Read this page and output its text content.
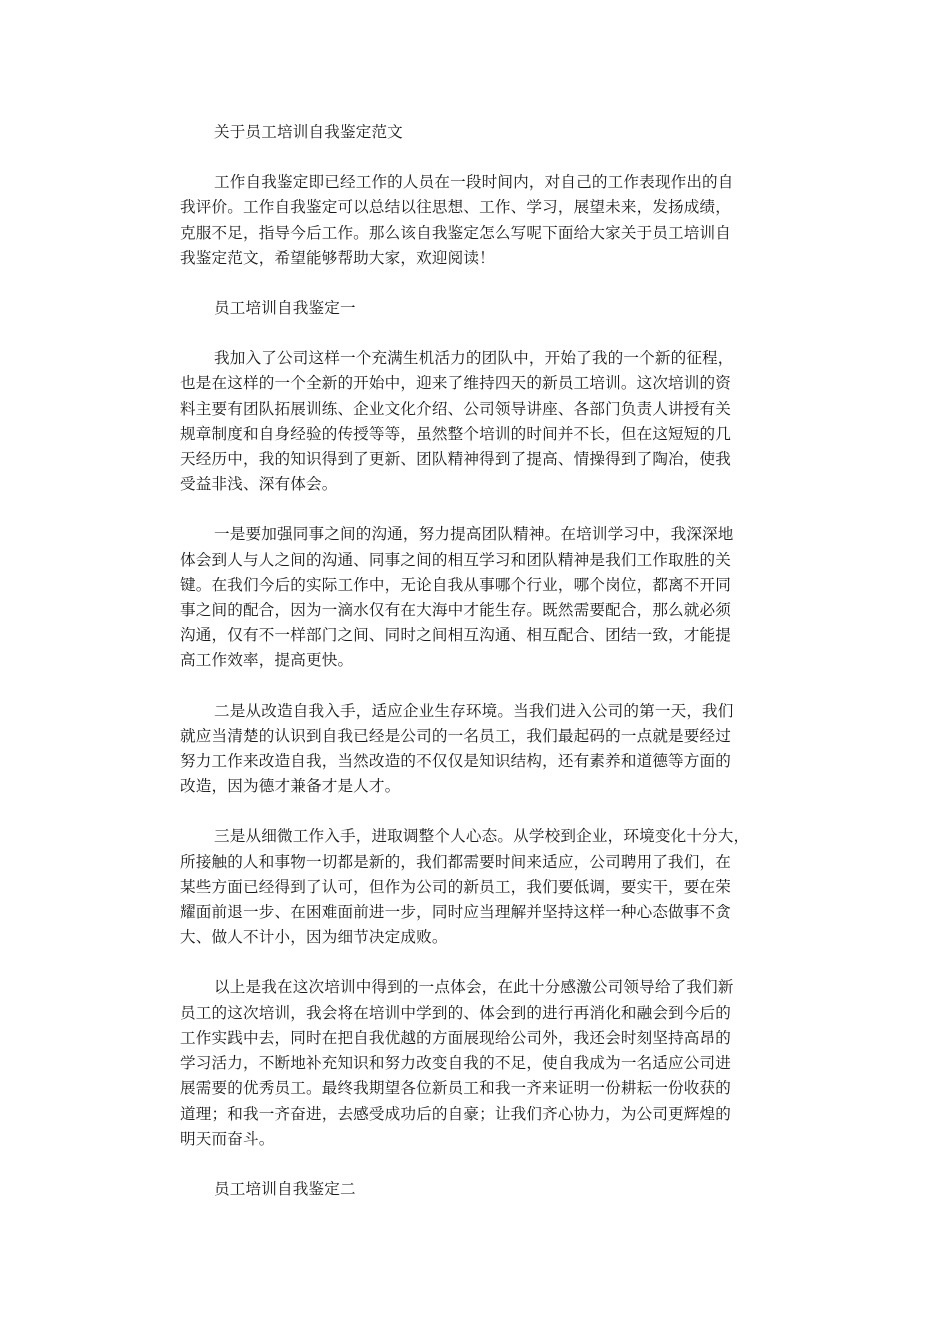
关于员工培训自我鉴定范文

工作自我鉴定即已经工作的人员在一段时间内，对自己的工作表现作出的自
我评价。工作自我鉴定可以总结以往思想、工作、学习，展望未来，发扬成绩，
克服不足，指导今后工作。那么该自我鉴定怎么写呢下面给大家关于员工培训自
我鉴定范文，希望能够帮助大家，欢迎阅读！

员工培训自我鉴定一

我加入了公司这样一个充满生机活力的团队中，开始了我的一个新的征程，
也是在这样的一个全新的开始中，迎来了维持四天的新员工培训。这次培训的资
料主要有团队拓展训练、企业文化介绍、公司领导讲座、各部门负责人讲授有关
规章制度和自身经验的传授等等，虽然整个培训的时间并不长，但在这短短的几
天经历中，我的知识得到了更新、团队精神得到了提高、情操得到了陶冶，使我
受益非浅、深有体会。

一是要加强同事之间的沟通，努力提高团队精神。在培训学习中，我深深地
体会到人与人之间的沟通、同事之间的相互学习和团队精神是我们工作取胜的关
键。在我们今后的实际工作中，无论自我从事哪个行业，哪个岗位，都离不开同
事之间的配合，因为一滴水仅有在大海中才能生存。既然需要配合，那么就必须
沟通，仅有不一样部门之间、同时之间相互沟通、相互配合、团结一致，才能提
高工作效率，提高更快。

二是从改造自我入手，适应企业生存环境。当我们进入公司的第一天，我们
就应当清楚的认识到自我已经是公司的一名员工，我们最起码的一点就是要经过
努力工作来改造自我，当然改造的不仅仅是知识结构，还有素养和道德等方面的
改造，因为德才兼备才是人才。

三是从细微工作入手，进取调整个人心态。从学校到企业，环境变化十分大，
所接触的人和事物一切都是新的，我们都需要时间来适应，公司聘用了我们，在
某些方面已经得到了认可，但作为公司的新员工，我们要低调，要实干，要在荣
耀面前退一步、在困难面前进一步，同时应当理解并坚持这样一种心态做事不贪
大、做人不计小，因为细节决定成败。

以上是我在这次培训中得到的一点体会，在此十分感激公司领导给了我们新
员工的这次培训，我会将在培训中学到的、体会到的进行再消化和融会到今后的
工作实践中去，同时在把自我优越的方面展现给公司外，我还会时刻坚持高昂的
学习活力，不断地补充知识和努力改变自我的不足，使自我成为一名适应公司进
展需要的优秀员工。最终我期望各位新员工和我一齐来证明一份耕耘一份收获的
道理；和我一齐奋进，去感受成功后的自豪；让我们齐心协力，为公司更辉煌的
明天而奋斗。

员工培训自我鉴定二
